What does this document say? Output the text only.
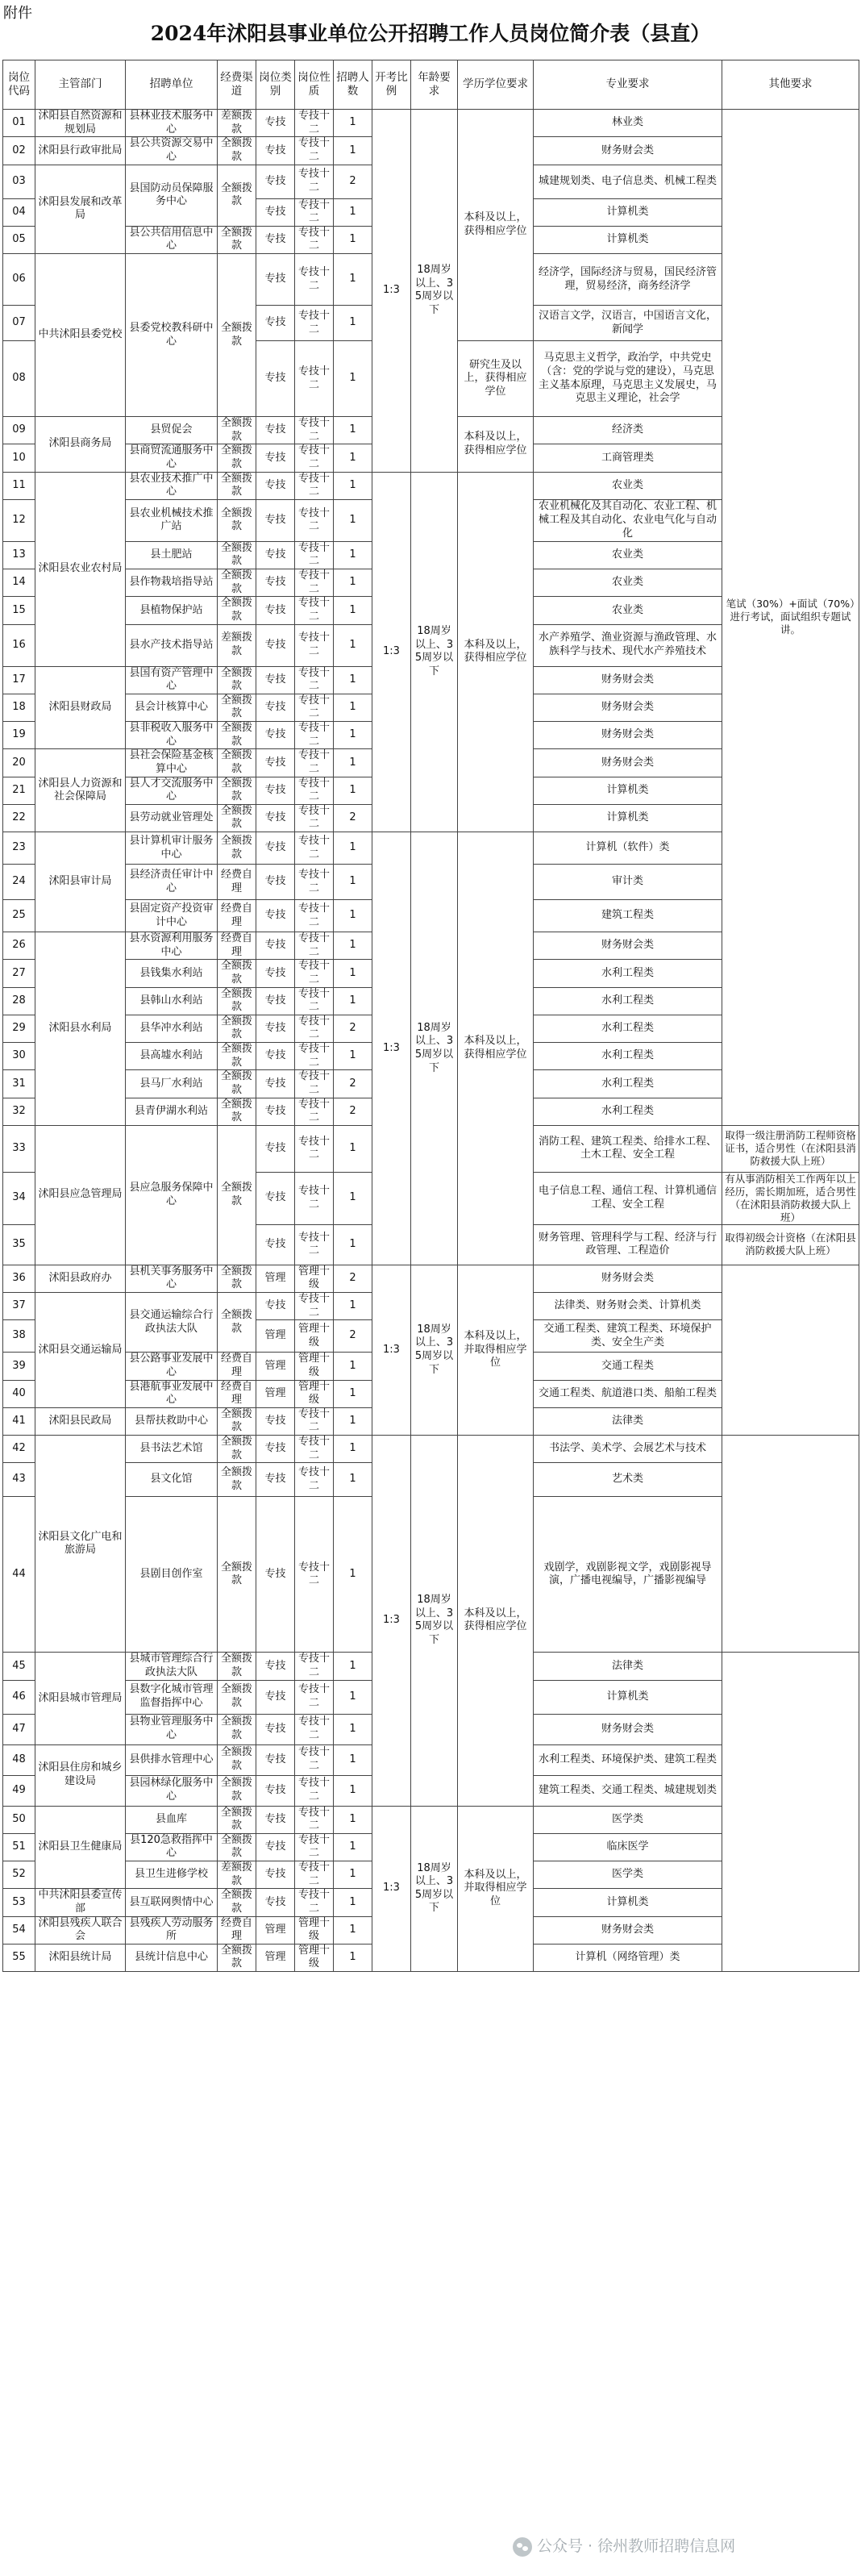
附件
2024年沭阳县事业单位公开招聘工作人员岗位简介表（县直）
岗位代码	主管部门	招聘单位	经费渠道	岗位类别	岗位性质	招聘人数	开考比例	年龄要求	学历学位要求	专业要求	其他要求	
01	沭阳县自然资源和规划局	县林业技术服务中心	差额拨款	专技	专技十二	1	1:3	18周岁以上、35周岁以下	本科及以上，获得相应学位	林业类	笔试（30%）+面试（70%）进行考试，面试组织专题试讲。	
02	沭阳县行政审批局	县公共资源交易中心	全额拨款	专技	专技十二	1				财务财会类		
03	沭阳县发展和改革局	县国防动员保障服务中心	全额拨款	专技	专技十二	2				城建规划类、电子信息类、机械工程类		
04				专技	专技十二	1				计算机类		
05		县公共信用信息中心	全额拨款	专技	专技十二	1				计算机类		
06	中共沭阳县委党校	县委党校教科研中心	全额拨款	专技	专技十二	1				经济学，国际经济与贸易，国民经济管理，贸易经济，商务经济学		
07				专技	专技十二	1				汉语言文学，汉语言，中国语言文化，新闻学		
08				专技	专技十二	1			研究生及以上，获得相应学位	马克思主义哲学，政治学，中共党史（含：党的学说与党的建设），马克思主义基本原理，马克思主义发展史，马克思主义理论，社会学		
09	沭阳县商务局	县贸促会	全额拨款	专技	专技十二	1			本科及以上，获得相应学位	经济类		
10		县商贸流通服务中心	全额拨款	专技	专技十二	1				工商管理类		
11	沭阳县农业农村局	县农业技术推广中心	全额拨款	专技	专技十二	1	1:3	18周岁以上、35周岁以下	本科及以上，获得相应学位	农业类		
12		县农业机械技术推广站	全额拨款	专技	专技十二	1				农业机械化及其自动化、农业工程、机械工程及其自动化、农业电气化与自动化		
13		县土肥站	全额拨款	专技	专技十二	1				农业类		
14		县作物栽培指导站	全额拨款	专技	专技十二	1				农业类		
15		县植物保护站	全额拨款	专技	专技十二	1				农业类		
16		县水产技术指导站	差额拨款	专技	专技十二	1				水产养殖学、渔业资源与渔政管理、水族科学与技术、现代水产养殖技术		
17	沭阳县财政局	县国有资产管理中心	全额拨款	专技	专技十二	1				财务财会类		
18		县会计核算中心	全额拨款	专技	专技十二	1				财务财会类		
19		县非税收入服务中心	全额拨款	专技	专技十二	1				财务财会类		
20	沭阳县人力资源和社会保障局	县社会保险基金核算中心	全额拨款	专技	专技十二	1				财务财会类		
21		县人才交流服务中心	全额拨款	专技	专技十二	1				计算机类		
22		县劳动就业管理处	全额拨款	专技	专技十二	2				计算机类		
23	沭阳县审计局	县计算机审计服务中心	全额拨款	专技	专技十二	1	1:3	18周岁以上、35周岁以下	本科及以上，获得相应学位	计算机（软件）类		
24		县经济责任审计中心	经费自理	专技	专技十二	1				审计类		
25		县固定资产投资审计中心	经费自理	专技	专技十二	1				建筑工程类		
26	沭阳县水利局	县水资源利用服务中心	经费自理	专技	专技十二	1				财务财会类		
27		县钱集水利站	全额拨款	专技	专技十二	1				水利工程类		
28		县韩山水利站	全额拨款	专技	专技十二	1				水利工程类		
29		县华冲水利站	全额拨款	专技	专技十二	2				水利工程类		
30		县高墟水利站	全额拨款	专技	专技十二	1				水利工程类		
31		县马厂水利站	全额拨款	专技	专技十二	2				水利工程类		
32		县青伊湖水利站	全额拨款	专技	专技十二	2				水利工程类		
33	沭阳县应急管理局	县应急服务保障中心	全额拨款	专技	专技十二	1				消防工程、建筑工程类、给排水工程、土木工程、安全工程	取得一级注册消防工程师资格证书，适合男性（在沭阳县消防救援大队上班）	
34				专技	专技十二	1				电子信息工程、通信工程、计算机通信工程、安全工程	有从事消防相关工作两年以上经历，需长期加班，适合男性（在沭阳县消防救援大队上班）	
35				专技	专技十二	1				财务管理、管理科学与工程、经济与行政管理、工程造价	取得初级会计资格（在沭阳县消防救援大队上班）	
36	沭阳县政府办	县机关事务服务中心	全额拨款	管理	管理十级	2	1:3	18周岁以上、35周岁以下	本科及以上，并取得相应学位	财务财会类		
37	沭阳县交通运输局	县交通运输综合行政执法大队	全额拨款	专技	专技十二	1				法律类、财务财会类、计算机类		
38				管理	管理十级	2				交通工程类、建筑工程类、环境保护类、安全生产类		
39		县公路事业发展中心	经费自理	管理	管理十级	1				交通工程类		
40		县港航事业发展中心	经费自理	管理	管理十级	1				交通工程类、航道港口类、船舶工程类		
41	沭阳县民政局	县帮扶救助中心	全额拨款	专技	专技十二	1				法律类		
42	沭阳县文化广电和旅游局	县书法艺术馆	全额拨款	专技	专技十二	1	1:3	18周岁以上、35周岁以下	本科及以上，获得相应学位	书法学、美术学、会展艺术与技术		
43		县文化馆	全额拨款	专技	专技十二	1				艺术类		
44		县剧目创作室	全额拨款	专技	专技十二	1				戏剧学，戏剧影视文学，戏剧影视导演，广播电视编导，广播影视编导	
45	沭阳县城市管理局	县城市管理综合行政执法大队	全额拨款	专技	专技十二	1				法律类		
46		县数字化城市管理监督指挥中心	全额拨款	专技	专技十二	1				计算机类		
47		县物业管理服务中心	全额拨款	专技	专技十二	1				财务财会类		
48	沭阳县住房和城乡建设局	县供排水管理中心	全额拨款	专技	专技十二	1				水利工程类、环境保护类、建筑工程类		
49		县园林绿化服务中心	全额拨款	专技	专技十二	1				建筑工程类、交通工程类、城建规划类		
50	沭阳县卫生健康局	县血库	全额拨款	专技	专技十二	1	1:3	18周岁以上、35周岁以下	本科及以上，并取得相应学位	医学类		
51		县120急救指挥中心	全额拨款	专技	专技十二	1				临床医学		
52		县卫生进修学校	差额拨款	专技	专技十二	1				医学类		
53	中共沭阳县委宣传部	县互联网舆情中心	全额拨款	专技	专技十二	1				计算机类		
54	沭阳县残疾人联合会	县残疾人劳动服务所	经费自理	管理	管理十级	1				财务财会类		
55	沭阳县统计局	县统计信息中心	全额拨款	管理	管理十级	1				计算机（网络管理）类		
公众号 · 徐州教师招聘信息网
